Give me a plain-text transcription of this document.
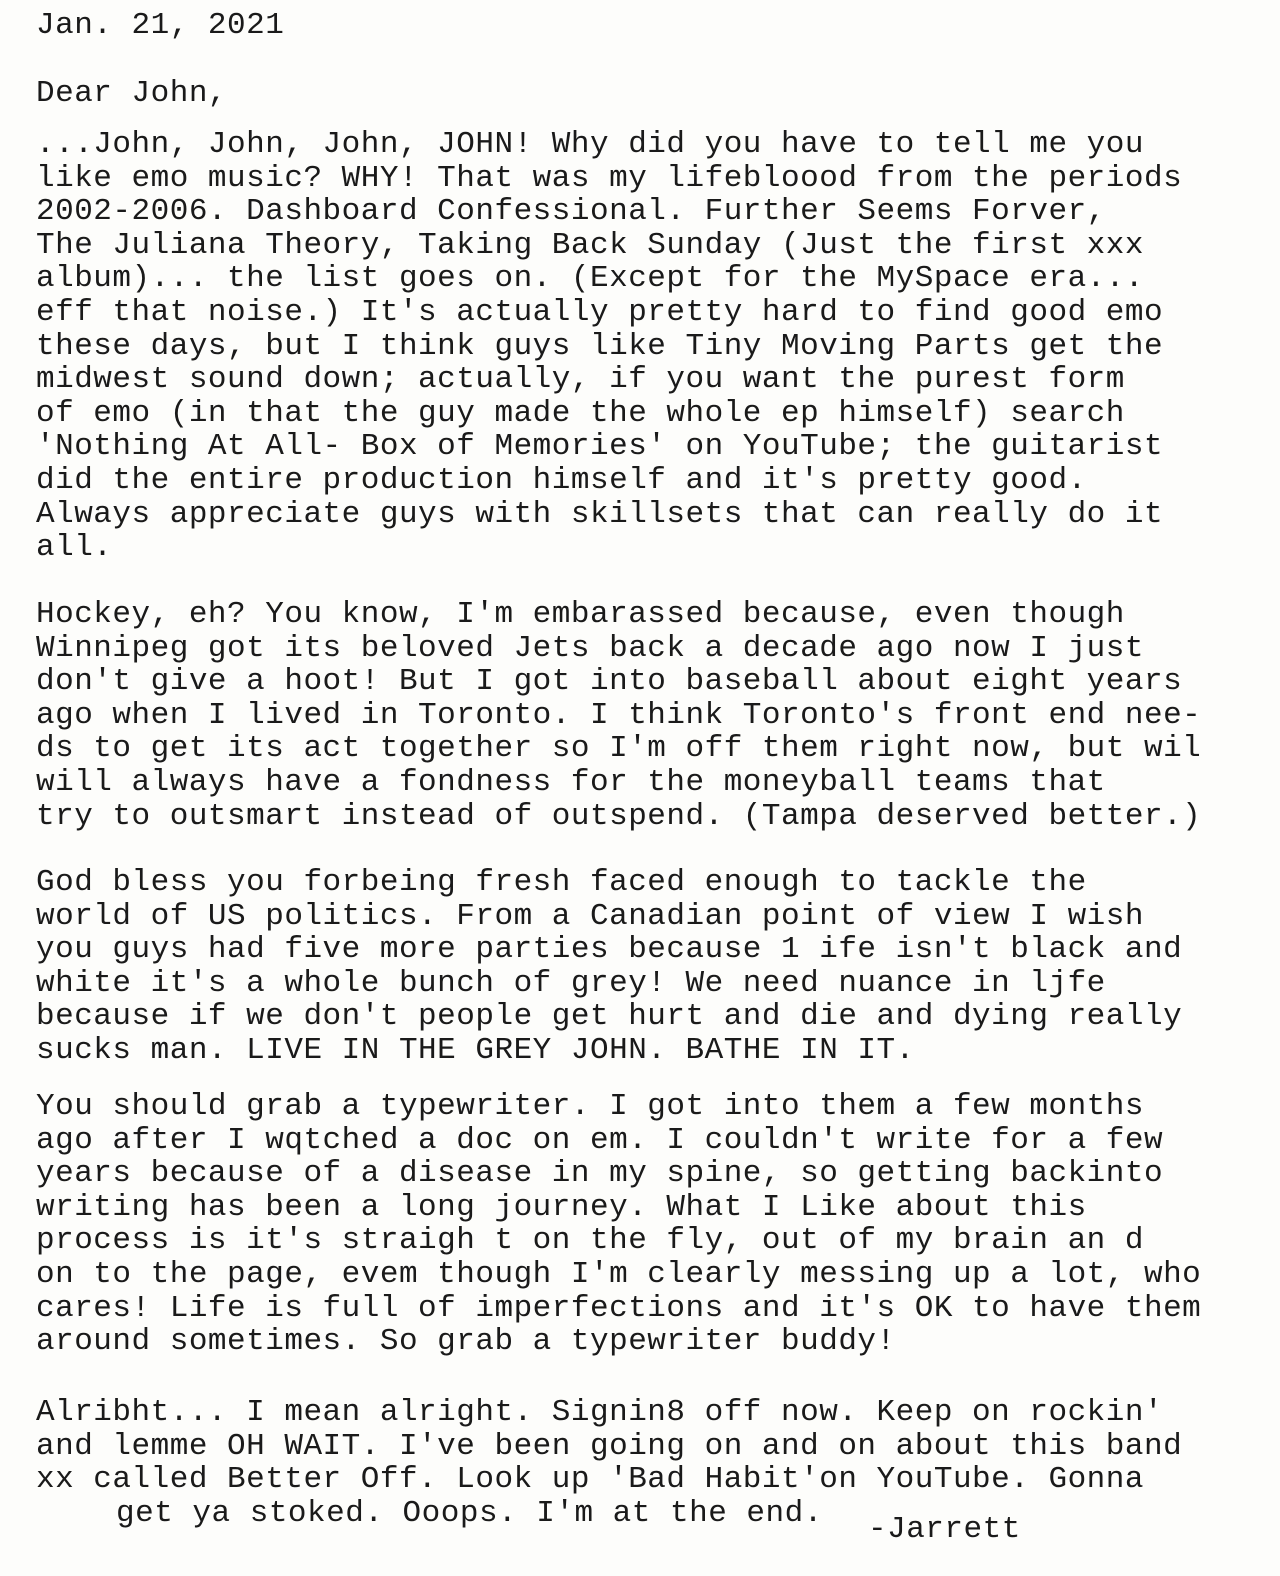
Jan. 21, 2021
Dear John,
...John, John, John, JOHN! Why did you have to tell me you
like emo music? WHY! That was my lifebloood from the periods
2002-2006. Dashboard Confessional. Further Seems Forver,
The Juliana Theory, Taking Back Sunday (Just the first xxx
album)... the list goes on. (Except for the MySpace era...
eff that noise.) It's actually pretty hard to find good emo
these days, but I think guys like Tiny Moving Parts get the
midwest sound down; actually, if you want the purest form
of emo (in that the guy made the whole ep himself) search
'Nothing At All- Box of Memories' on YouTube; the guitarist
did the entire production himself and it's pretty good.
Always appreciate guys with skillsets that can really do it
all.
Hockey, eh? You know, I'm embarassed because, even though
Winnipeg got its beloved Jets back a decade ago now I just
don't give a hoot! But I got into baseball about eight years
ago when I lived in Toronto. I think Toronto's front end nee-
ds to get its act together so I'm off them right now, but wil
will always have a fondness for the moneyball teams that
try to outsmart instead of outspend. (Tampa deserved better.)
God bless you forbeing fresh faced enough to tackle the
world of US politics. From a Canadian point of view I wish
you guys had five more parties because 1 ife isn't black and
white it's a whole bunch of grey! We need nuance in ljfe
because if we don't people get hurt and die and dying really
sucks man. LIVE IN THE GREY JOHN. BATHE IN IT.
You should grab a typewriter. I got into them a few months
ago after I wqtched a doc on em. I couldn't write for a few
years because of a disease in my spine, so getting backinto
writing has been a long journey. What I Like about this
process is it's straigh t on the fly, out of my brain an d
on to the page, evem though I'm clearly messing up a lot, who
cares! Life is full of imperfections and it's OK to have them
around sometimes. So grab a typewriter buddy!
Alribht... I mean alright. Signin8 off now. Keep on rockin'
and lemme OH WAIT. I've been going on and on about this band
xx called Better Off. Look up 'Bad Habit'on YouTube. Gonna
get ya stoked. Ooops. I'm at the end.	-Jarrett
